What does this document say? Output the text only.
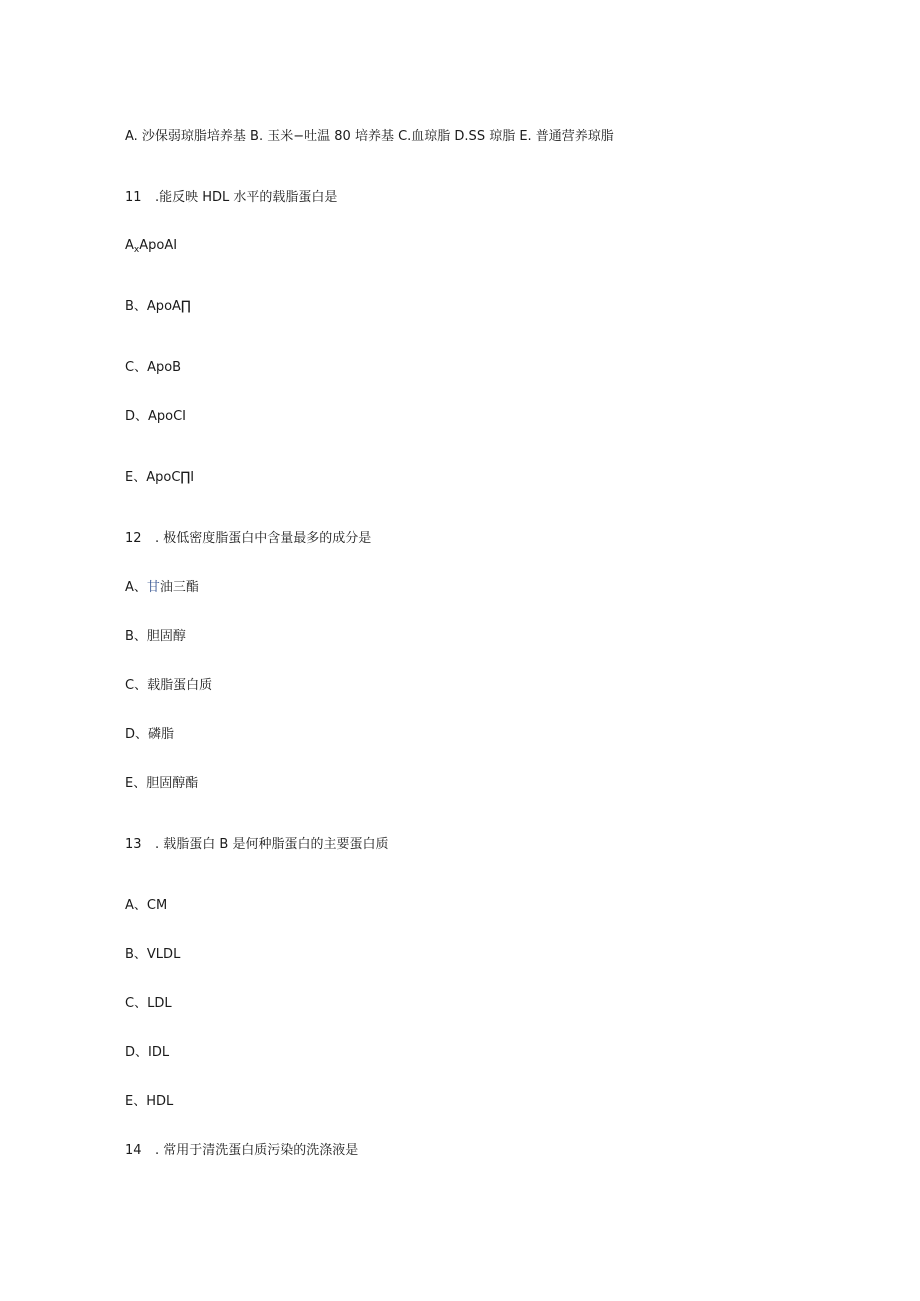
A. 沙保弱琼脂培养基 B. 玉米−吐温 80 培养基 C.血琼脂 D.SS 琼脂 E. 普通营养琼脂
11 .能反映 HDL 水平的载脂蛋白是
$A_xApoAI$
B、ApoA∏
C、ApoB
D、ApoCI
E、ApoC∏I
12 . 极低密度脂蛋白中含量最多的成分是
A、甘油三酯
B、胆固醇
C、载脂蛋白质
D、磷脂
E、胆固醇酯
13 . 载脂蛋白 B 是何种脂蛋白的主要蛋白质
A、CM
B、VLDL
C、LDL
D、IDL
E、HDL
14 . 常用于清洗蛋白质污染的洗涤液是
